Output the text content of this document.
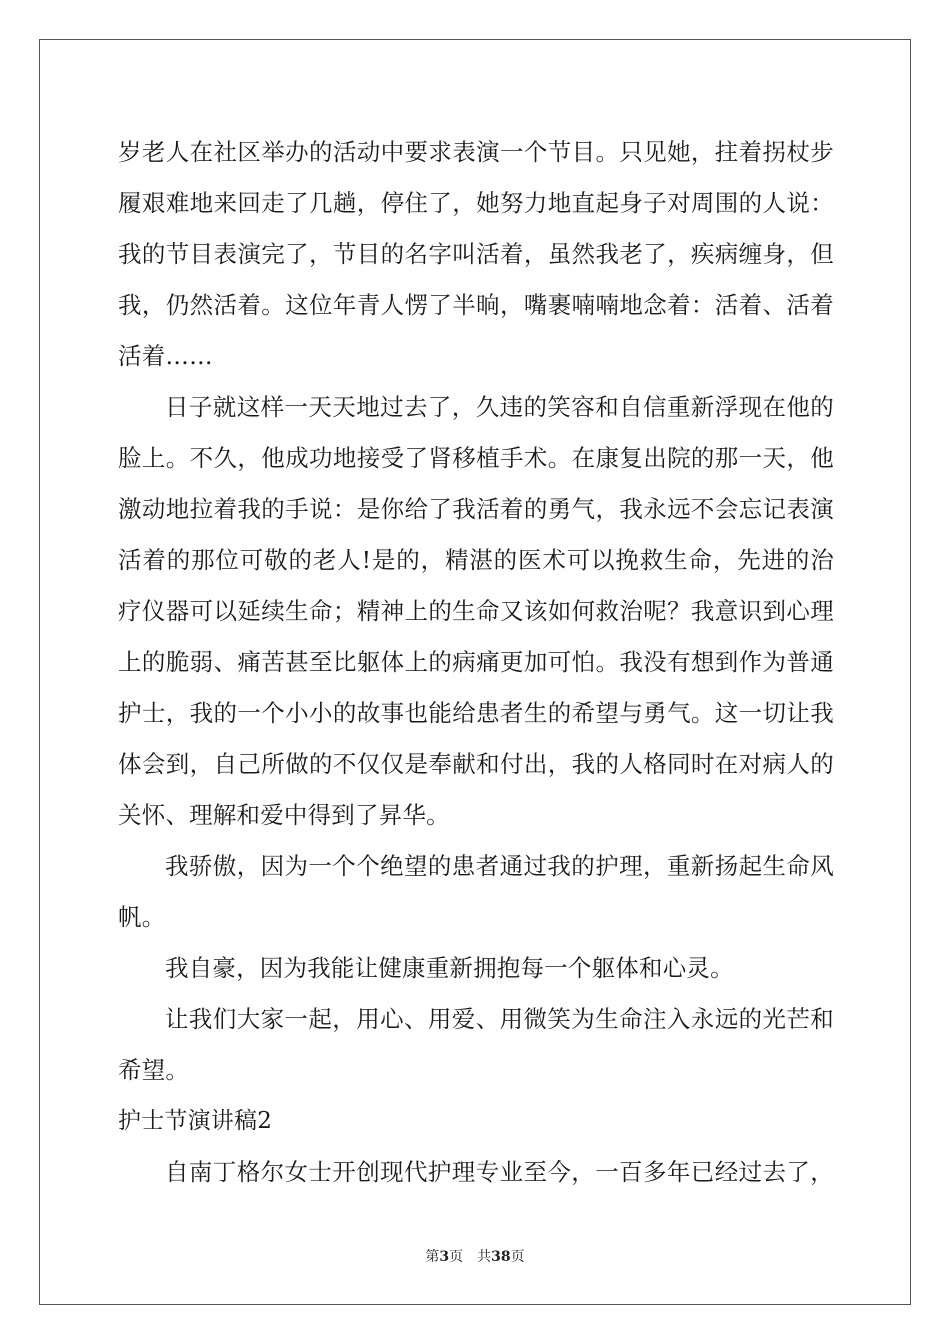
岁老人在社区举办的活动中要求表演一个节目。只见她，拄着拐杖步
履艰难地来回走了几趟，停住了，她努力地直起身子对周围的人说：
我的节目表演完了，节目的名字叫活着，虽然我老了，疾病缠身，但
我，仍然活着。这位年青人愣了半晌，嘴裹喃喃地念着：活着、活着
活着……
日子就这样一天天地过去了，久违的笑容和自信重新浮现在他的
脸上。不久，他成功地接受了肾移植手术。在康复出院的那一天，他
激动地拉着我的手说：是你给了我活着的勇气，我永远不会忘记表演
活着的那位可敬的老人!是的，精湛的医术可以挽救生命，先进的治
疗仪器可以延续生命；精神上的生命又该如何救治呢？我意识到心理
上的脆弱、痛苦甚至比躯体上的病痛更加可怕。我没有想到作为普通
护士，我的一个小小的故事也能给患者生的希望与勇气。这一切让我
体会到，自己所做的不仅仅是奉献和付出，我的人格同时在对病人的
关怀、理解和爱中得到了昇华。
我骄傲，因为一个个绝望的患者通过我的护理，重新扬起生命风
帆。
我自豪，因为我能让健康重新拥抱每一个躯体和心灵。
让我们大家一起，用心、用爱、用微笑为生命注入永远的光芒和
希望。
护士节演讲稿2
自南丁格尔女士开创现代护理专业至今，一百多年已经过去了，
第3页 共38页
